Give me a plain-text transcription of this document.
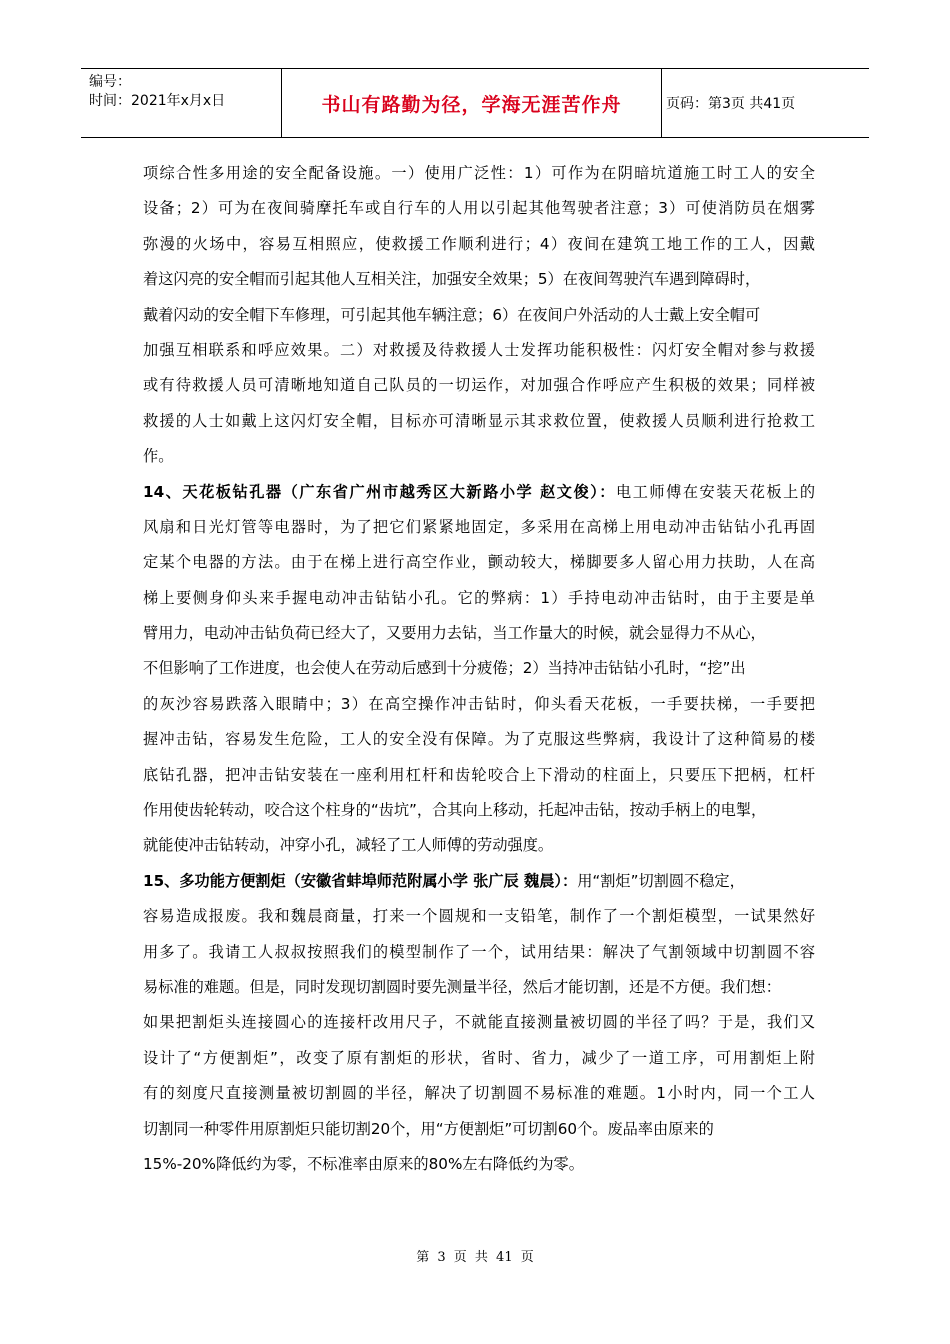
编号：
时间：2021年x月x日	书山有路勤为径，学海无涯苦作舟	页码：第3页 共41页
项综合性多用途的安全配备设施。一）使用广泛性：1）可作为在阴暗坑道施工时工人的安全
设备；2）可为在夜间骑摩托车或自行车的人用以引起其他驾驶者注意；3）可使消防员在烟雾
弥漫的火场中，容易互相照应，使救援工作顺利进行；4）夜间在建筑工地工作的工人，因戴
着这闪亮的安全帽而引起其他人互相关注，加强安全效果；5）在夜间驾驶汽车遇到障碍时，
戴着闪动的安全帽下车修理，可引起其他车辆注意；6）在夜间户外活动的人士戴上安全帽可
加强互相联系和呼应效果。二）对救援及待救援人士发挥功能积极性：闪灯安全帽对参与救援
或有待救援人员可清晰地知道自己队员的一切运作，对加强合作呼应产生积极的效果；同样被
救援的人士如戴上这闪灯安全帽，目标亦可清晰显示其求救位置，使救援人员顺利进行抢救工
作。
14、天花板钻孔器（广东省广州市越秀区大新路小学 赵文俊）：电工师傅在安装天花板上的
风扇和日光灯管等电器时，为了把它们紧紧地固定，多采用在高梯上用电动冲击钻钻小孔再固
定某个电器的方法。由于在梯上进行高空作业，颤动较大，梯脚要多人留心用力扶助，人在高
梯上要侧身仰头来手握电动冲击钻钻小孔。它的弊病：1）手持电动冲击钻时，由于主要是单
臂用力，电动冲击钻负荷已经大了，又要用力去钻，当工作量大的时候，就会显得力不从心，
不但影响了工作进度，也会使人在劳动后感到十分疲倦；2）当持冲击钻钻小孔时，“挖”出
的灰沙容易跌落入眼睛中；3）在高空操作冲击钻时，仰头看天花板，一手要扶梯，一手要把
握冲击钻，容易发生危险，工人的安全没有保障。为了克服这些弊病，我设计了这种简易的楼
底钻孔器，把冲击钻安装在一座利用杠杆和齿轮咬合上下滑动的柱面上，只要压下把柄，杠杆
作用使齿轮转动，咬合这个柱身的“齿坑”，合其向上移动，托起冲击钻，按动手柄上的电掣，
就能使冲击钻转动，冲穿小孔，减轻了工人师傅的劳动强度。
15、多功能方便割炬（安徽省蚌埠师范附属小学 张广辰 魏晨）：用“割炬”切割圆不稳定，
容易造成报废。我和魏晨商量，打来一个圆规和一支铅笔，制作了一个割炬模型，一试果然好
用多了。我请工人叔叔按照我们的模型制作了一个，试用结果：解决了气割领域中切割圆不容
易标准的难题。但是，同时发现切割圆时要先测量半径，然后才能切割，还是不方便。我们想：
如果把割炬头连接圆心的连接杆改用尺子，不就能直接测量被切圆的半径了吗？于是，我们又
设计了“方便割炬”，改变了原有割炬的形状，省时、省力，减少了一道工序，可用割炬上附
有的刻度尺直接测量被切割圆的半径，解决了切割圆不易标准的难题。1小时内，同一个工人
切割同一种零件用原割炬只能切割20个，用“方便割炬”可切割60个。废品率由原来的
15%-20%降低约为零，不标准率由原来的80%左右降低约为零。
第 3 页 共 41 页
